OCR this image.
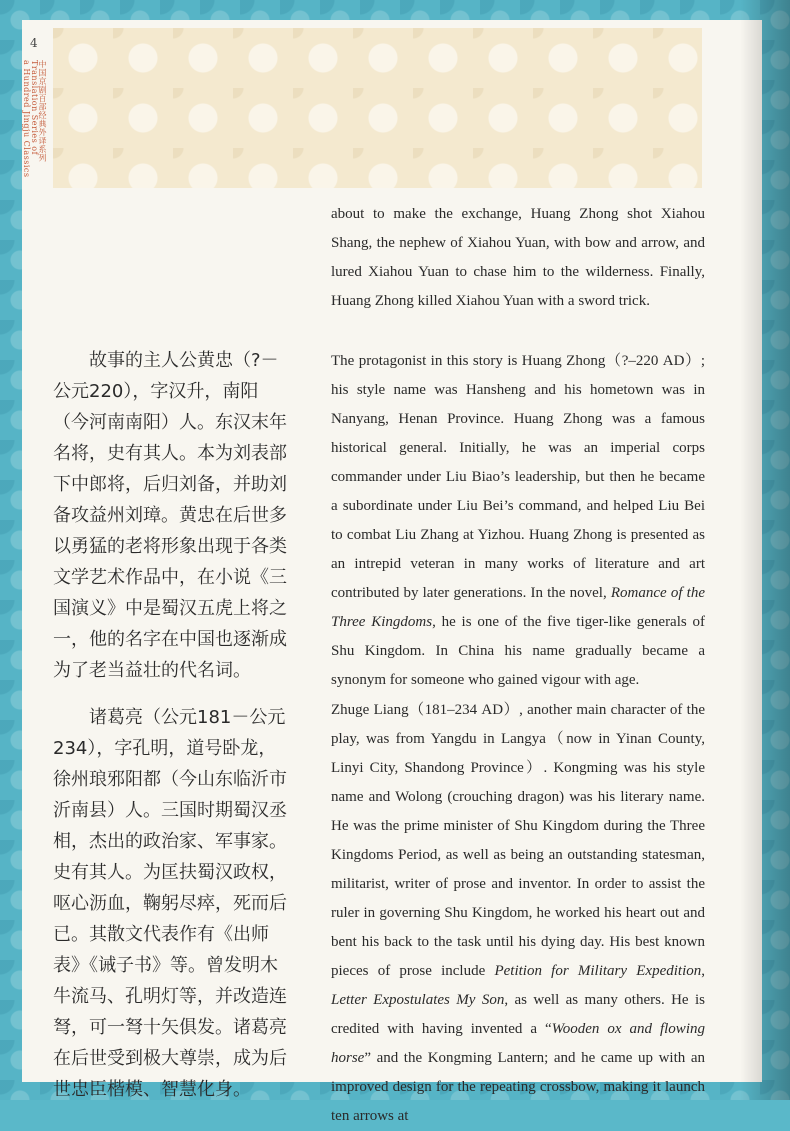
4
中国京剧百部经典外译系列
Translation Series of
a Hundred Jingju Classics

about to make the exchange, Huang Zhong shot Xiahou Shang, the nephew of Xiahou Yuan, with bow and arrow, and lured Xiahou Yuan to chase him to the wilderness. Finally, Huang Zhong killed Xiahou Yuan with a sword trick.

The protagonist in this story is Huang Zhong（?–220 AD）; his style name was Hansheng and his hometown was in Nanyang, Henan Province. Huang Zhong was a famous historical general. Initially, he was an imperial corps commander under Liu Biao’s leadership, but then he became a subordinate under Liu Bei’s command, and helped Liu Bei to combat Liu Zhang at Yizhou. Huang Zhong is presented as an intrepid veteran in many works of literature and art contributed by later generations. In the novel, Romance of the Three Kingdoms, he is one of the five tiger-like generals of Shu Kingdom. In China his name gradually became a synonym for someone who gained vigour with age.

Zhuge Liang（181–234 AD）, another main character of the play, was from Yangdu in Langya（now in Yinan County, Linyi City, Shandong Province）. Kongming was his style name and Wolong (crouching dragon) was his literary name. He was the prime minister of Shu Kingdom during the Three Kingdoms Period, as well as being an outstanding statesman, militarist, writer of prose and inventor. In order to assist the ruler in governing Shu Kingdom, he worked his heart out and bent his back to the task until his dying day. His best known pieces of prose include Petition for Military Expedition, Letter Expostulates My Son, as well as many others. He is credited with having invented a “Wooden ox and flowing horse” and the Kongming Lantern; and he came up with an improved design for the repeating crossbow, making it launch ten arrows at

故事的主人公黄忠（?－公元220），字汉升，南阳（今河南南阳）人。东汉末年名将，史有其人。本为刘表部下中郎将，后归刘备，并助刘备攻益州刘璋。黄忠在后世多以勇猛的老将形象出现于各类文学艺术作品中，在小说《三国演义》中是蜀汉五虎上将之一，他的名字在中国也逐渐成为了老当益壮的代名词。

诸葛亮（公元181－公元234），字孔明，道号卧龙，徐州琅邪阳都（今山东临沂市沂南县）人。三国时期蜀汉丞相，杰出的政治家、军事家。史有其人。为匡扶蜀汉政权，呕心沥血，鞠躬尽瘁，死而后已。其散文代表作有《出师表》《诫子书》等。曾发明木牛流马、孔明灯等，并改造连弩，可一弩十矢俱发。诸葛亮在后世受到极大尊崇，成为后世忠臣楷模、智慧化身。
